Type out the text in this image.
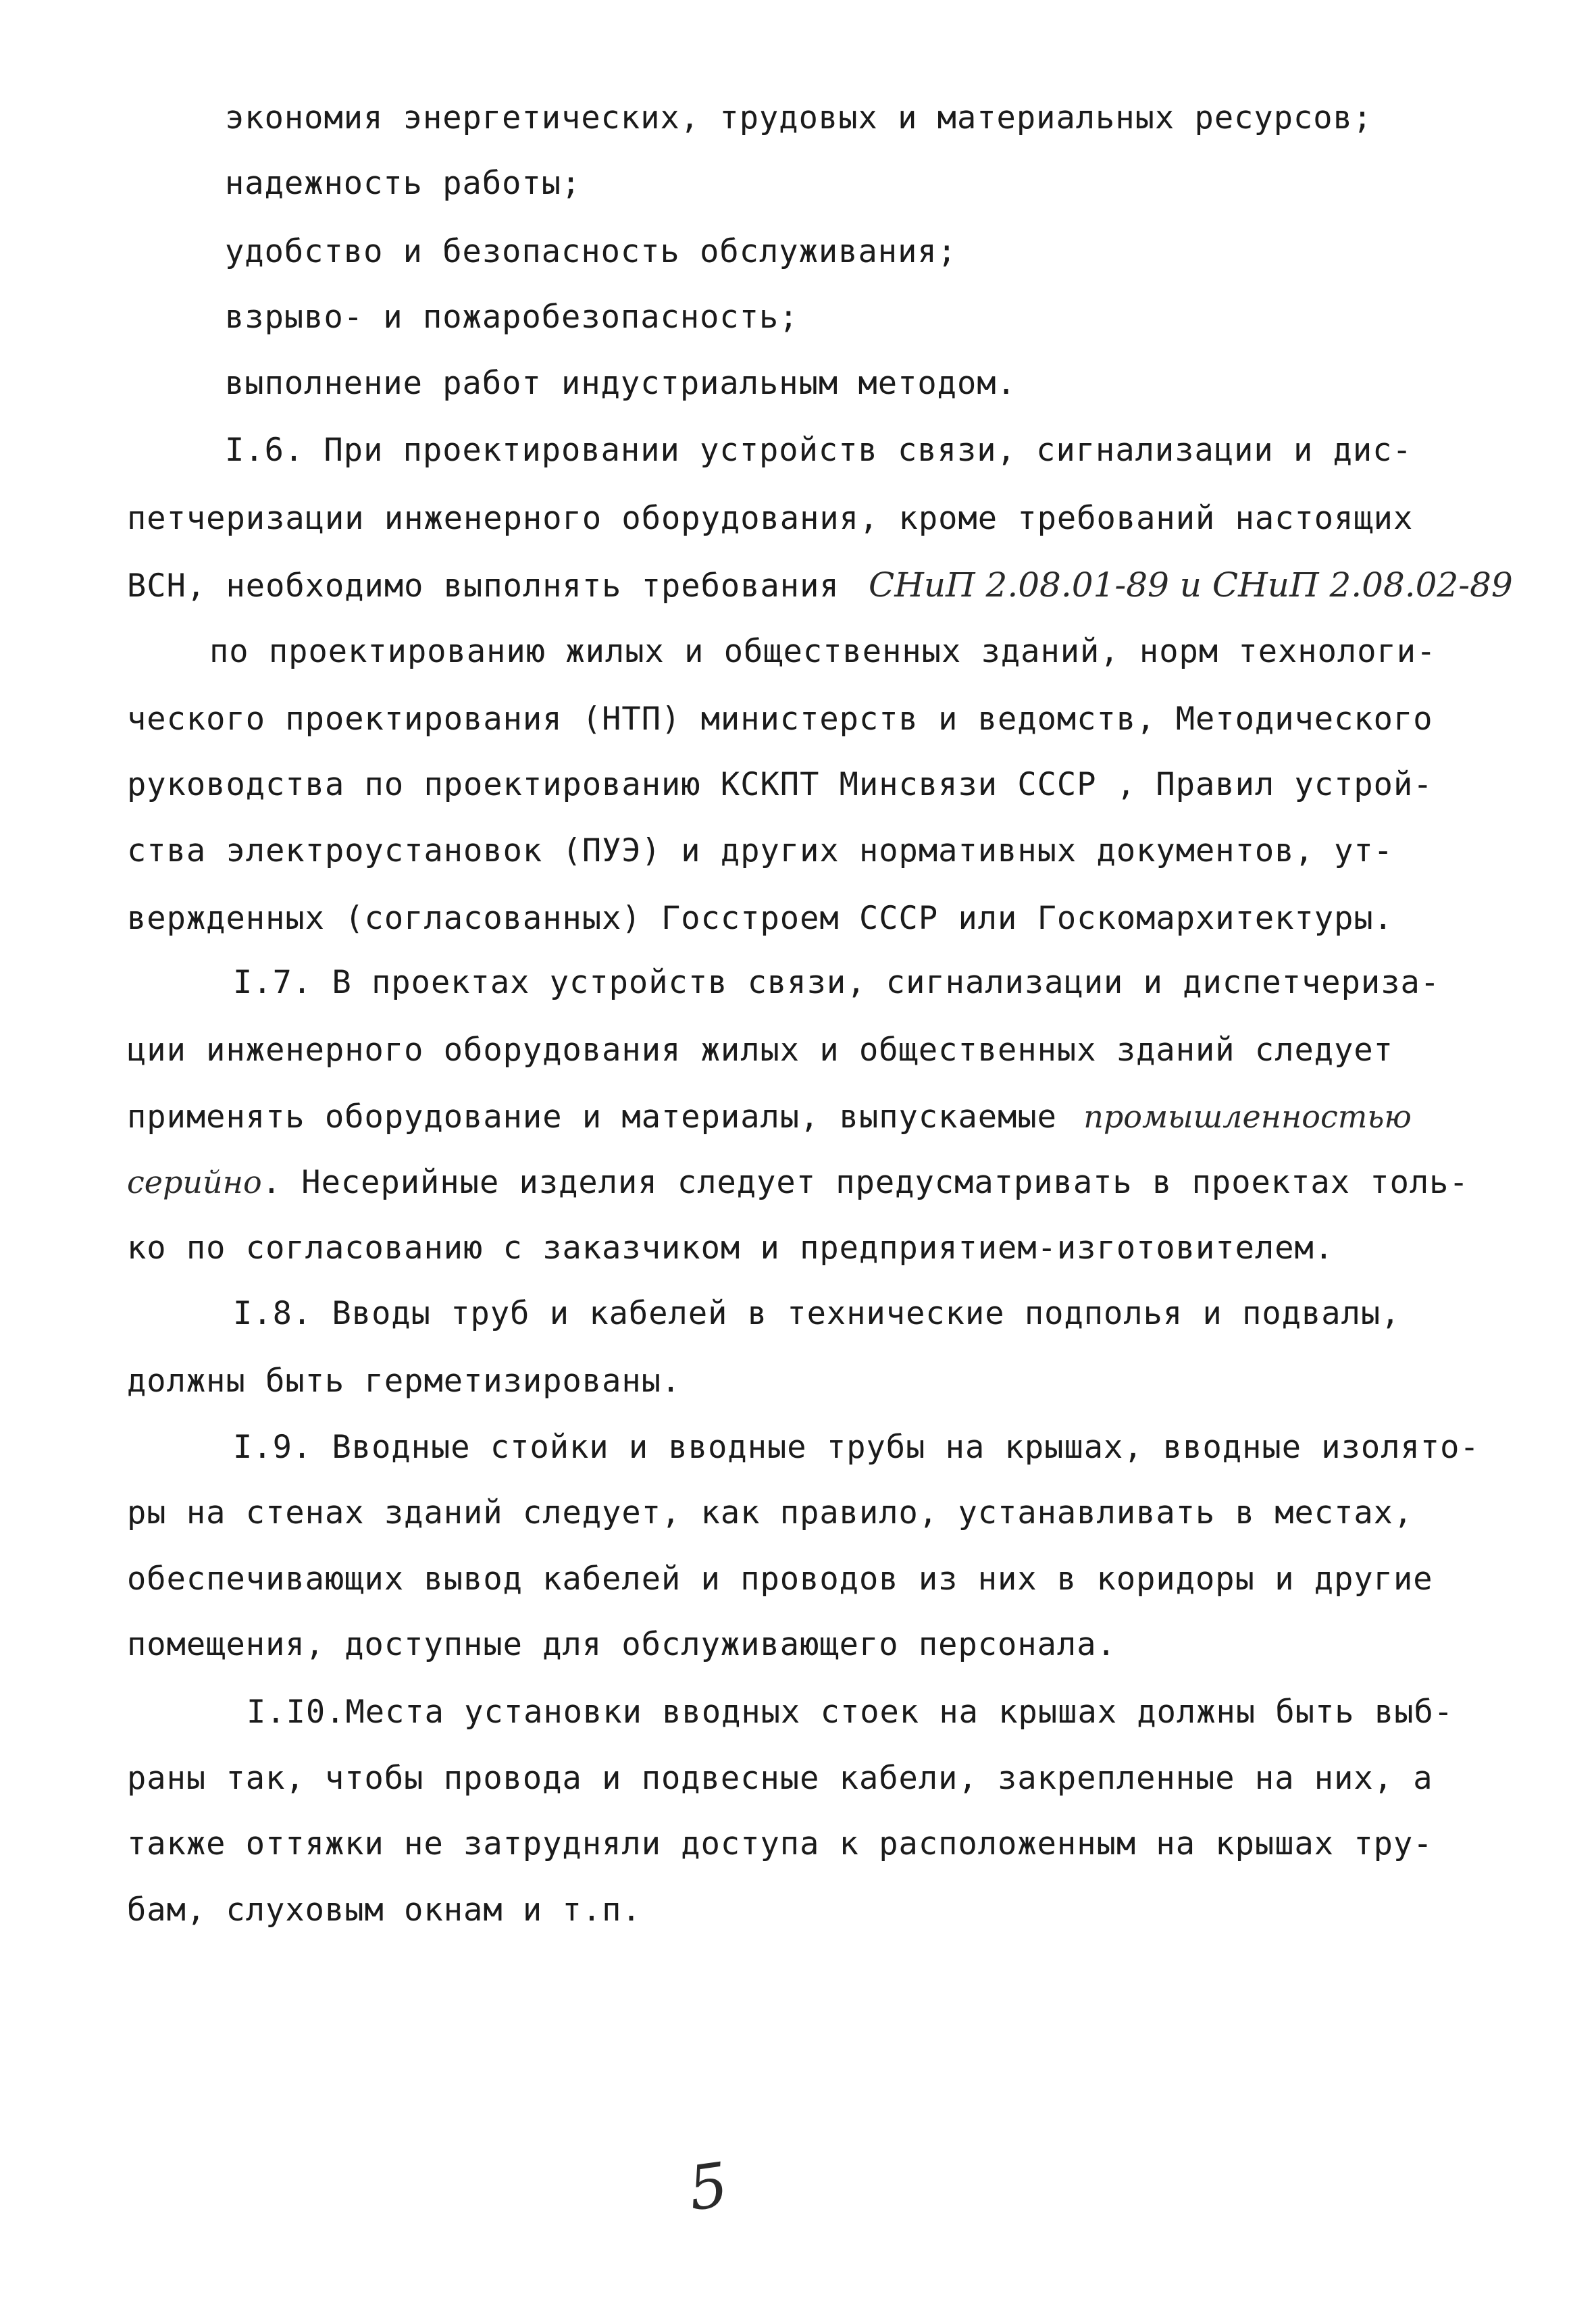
экономия энергетических, трудовых и материальных ресурсов;
надежность работы;
удобство и безопасность обслуживания;
взрыво- и пожаробезопасность;
выполнение работ индустриальным методом.
I.6. При проектировании устройств связи, сигнализации и дис-
петчеризации инженерного оборудования, кроме требований настоящих
ВСН, необходимо выполнять требования СНиП 2.08.01-89 и СНиП 2.08.02-89
по проектированию жилых и общественных зданий, норм технологи-
ческого проектирования (НТП) министерств и ведомств, Методического
руководства по проектированию КСКПТ Минсвязи СССР , Правил устрой-
ства электроустановок (ПУЭ) и других нормативных документов, ут-
вержденных (согласованных) Госстроем СССР или Госкомархитектуры.
I.7. В проектах устройств связи, сигнализации и диспетчериза-
ции инженерного оборудования жилых и общественных зданий следует
применять оборудование и материалы, выпускаемые промышленностью
серийно. Несерийные изделия следует предусматривать в проектах толь-
ко по согласованию с заказчиком и предприятием-изготовителем.
I.8. Вводы труб и кабелей в технические подполья и подвалы,
должны быть герметизированы.
I.9. Вводные стойки и вводные трубы на крышах, вводные изолято-
ры на стенах зданий следует, как правило, устанавливать в местах,
обеспечивающих вывод кабелей и проводов из них в коридоры и другие
помещения, доступные для обслуживающего персонала.
I.I0.Места установки вводных стоек на крышах должны быть выб-
раны так, чтобы провода и подвесные кабели, закрепленные на них, а
также оттяжки не затрудняли доступа к расположенным на крышах тру-
бам, слуховым окнам и т.п.
5
